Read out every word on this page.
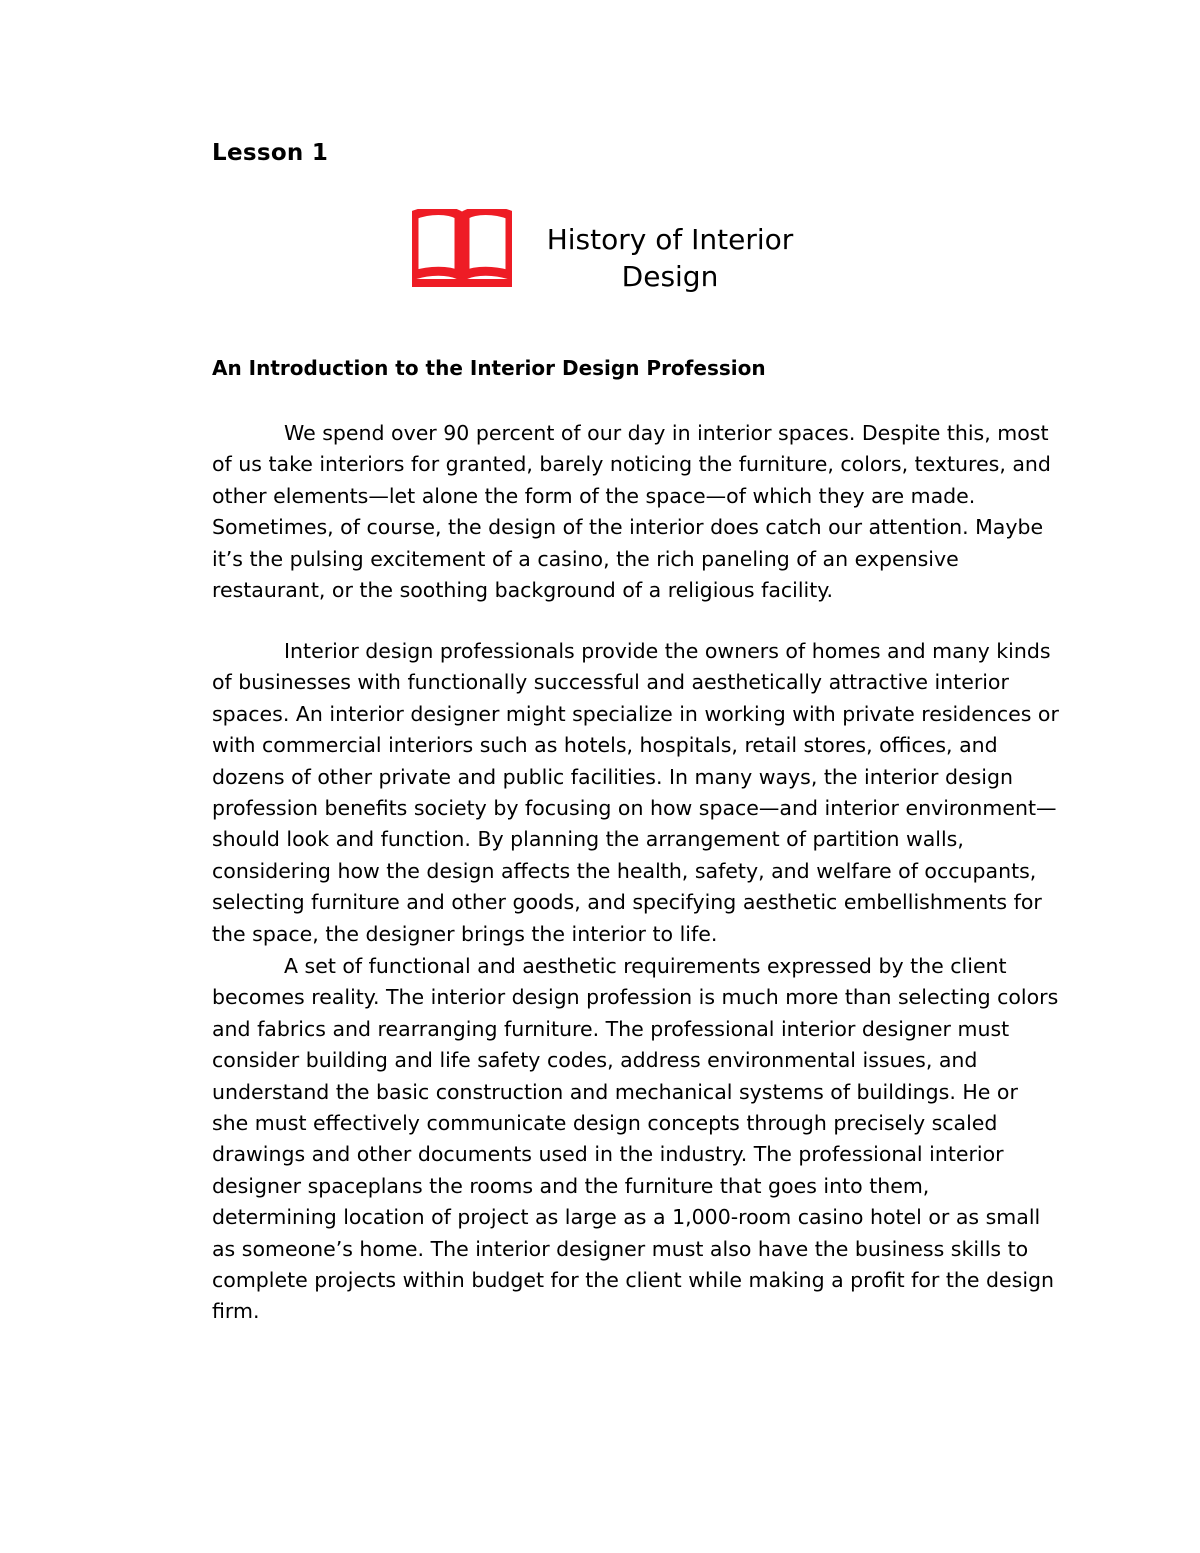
Lesson 1
History of Interior
Design
An Introduction to the Interior Design Profession

We spend over 90 percent of our day in interior spaces. Despite this, most of us take interiors for granted, barely noticing the furniture, colors, textures, and other elements—let alone the form of the space—of which they are made. Sometimes, of course, the design of the interior does catch our attention. Maybe it’s the pulsing excitement of a casino, the rich paneling of an expensive restaurant, or the soothing background of a religious facility.

Interior design professionals provide the owners of homes and many kinds of businesses with functionally successful and aesthetically attractive interior spaces. An interior designer might specialize in working with private residences or with commercial interiors such as hotels, hospitals, retail stores, offices, and dozens of other private and public facilities. In many ways, the interior design profession benefits society by focusing on how space—and interior environment—should look and function. By planning the arrangement of partition walls, considering how the design affects the health, safety, and welfare of occupants, selecting furniture and other goods, and specifying aesthetic embellishments for the space, the designer brings the interior to life.

A set of functional and aesthetic requirements expressed by the client becomes reality. The interior design profession is much more than selecting colors and fabrics and rearranging furniture. The professional interior designer must consider building and life safety codes, address environmental issues, and understand the basic construction and mechanical systems of buildings. He or she must effectively communicate design concepts through precisely scaled drawings and other documents used in the industry. The professional interior designer spaceplans the rooms and the furniture that goes into them, determining location of project as large as a 1,000-room casino hotel or as small as someone’s home. The interior designer must also have the business skills to complete projects within budget for the client while making a profit for the design firm.
